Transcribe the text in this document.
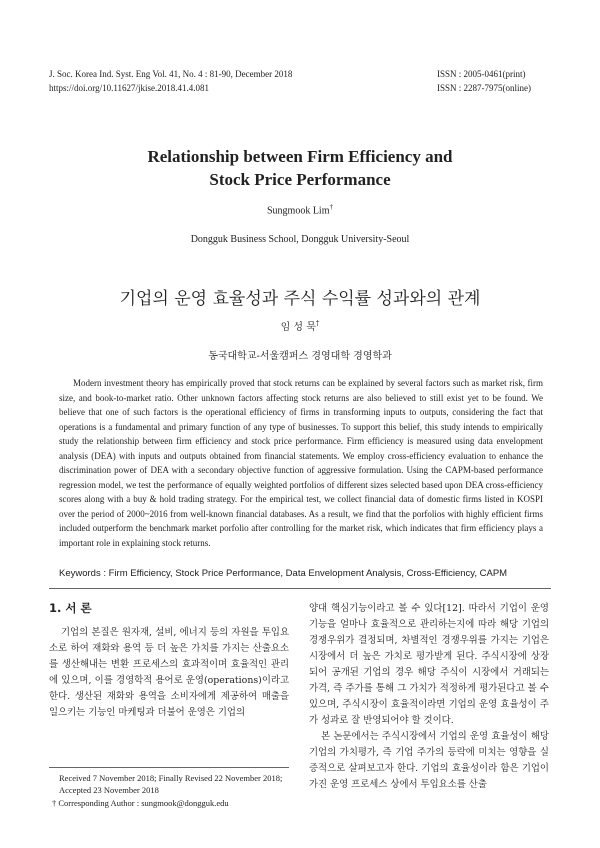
J. Soc. Korea Ind. Syst. Eng Vol. 41, No. 4 : 81-90, December 2018
https://doi.org/10.11627/jkise.2018.41.4.081
ISSN : 2005-0461(print)
ISSN : 2287-7975(online)
Relationship between Firm Efficiency and
Stock Price Performance
Sungmook Lim†
Dongguk Business School, Dongguk University-Seoul
기업의 운영 효율성과 주식 수익률 성과와의 관계
임 성 묵†
동국대학교-서울캠퍼스 경영대학 경영학과
Modern investment theory has empirically proved that stock returns can be explained by several factors such as market risk, firm size, and book-to-market ratio. Other unknown factors affecting stock returns are also believed to still exist yet to be found. We believe that one of such factors is the operational efficiency of firms in transforming inputs to outputs, considering the fact that operations is a fundamental and primary function of any type of businesses. To support this belief, this study intends to empirically study the relationship between firm efficiency and stock price performance. Firm efficiency is measured using data envelopment analysis (DEA) with inputs and outputs obtained from financial statements. We employ cross-efficiency evaluation to enhance the discrimination power of DEA with a secondary objective function of aggressive formulation. Using the CAPM-based performance regression model, we test the performance of equally weighted portfolios of different sizes selected based upon DEA cross-efficiency scores along with a buy & hold trading strategy. For the empirical test, we collect financial data of domestic firms listed in KOSPI over the period of 2000~2016 from well-known financial databases. As a result, we find that the porfolios with highly efficient firms included outperform the benchmark market porfolio after controlling for the market risk, which indicates that firm efficiency plays a important role in explaining stock returns.
Keywords : Firm Efficiency, Stock Price Performance, Data Envelopment Analysis, Cross-Efficiency, CAPM
1. 서 론
기업의 본질은 원자재, 설비, 에너지 등의 자원을 투입요소로 하여 재화와 용역 등 더 높은 가치를 가지는 산출요소를 생산해내는 변환 프로세스의 효과적이며 효율적인 관리에 있으며, 이를 경영학적 용어로 운영(operations)이라고 한다. 생산된 재화와 용역을 소비자에게 제공하여 매출을 일으키는 기능인 마케팅과 더불어 운영은 기업의

양대 핵심기능이라고 볼 수 있다[12]. 따라서 기업이 운영기능을 얼마나 효율적으로 관리하는지에 따라 해당 기업의 경쟁우위가 결정되며, 차별적인 경쟁우위를 가지는 기업은 시장에서 더 높은 가치로 평가받게 된다. 주식시장에 상장되어 공개된 기업의 경우 해당 주식이 시장에서 거래되는 가격, 즉 주가를 통해 그 가치가 적정하게 평가된다고 볼 수 있으며, 주식시장이 효율적이라면 기업의 운영 효율성이 주가 성과로 잘 반영되어야 할 것이다.

본 논문에서는 주식시장에서 기업의 운영 효율성이 해당 기업의 가치평가, 즉 기업 주가의 등락에 미치는 영향을 실증적으로 살펴보고자 한다. 기업의 효율성이라 함은 기업이 가진 운영 프로세스 상에서 투입요소를 산출

Received 7 November 2018; Finally Revised 22 November 2018; Accepted 23 November 2018
† Corresponding Author : sungmook@dongguk.edu
